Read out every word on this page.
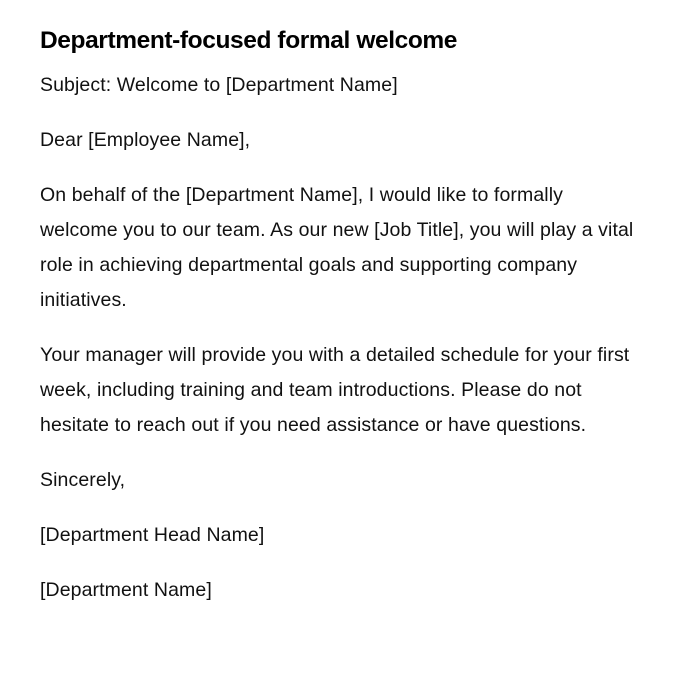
Department-focused formal welcome

Subject: Welcome to [Department Name]

Dear [Employee Name],

On behalf of the [Department Name], I would like to formally welcome you to our team. As our new [Job Title], you will play a vital role in achieving departmental goals and supporting company initiatives.

Your manager will provide you with a detailed schedule for your first week, including training and team introductions. Please do not hesitate to reach out if you need assistance or have questions.

Sincerely,

[Department Head Name]

[Department Name]
